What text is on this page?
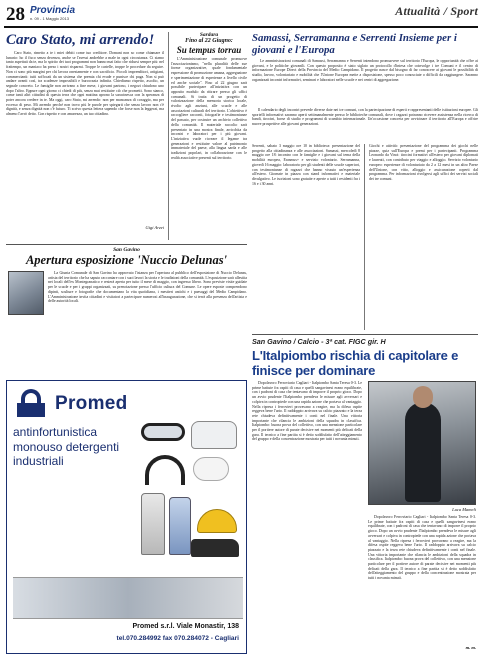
28 Provincia
n. 09 - 1 Maggio 2013
Attualità / Sport
Caro Stato, mi arrendo!
Caro Stato, rimetto a te i miei debiti come tuo creditore. Domani non so come chiamare il lunario: ho il fisco senza decenza, anche se l'avessi andrebbe a male in ogni circostanza. Ci siamo tanto aspettati da te, ma lo spirito dei tuoi programmi non hanno mai fatto che ridursi sempre più: nel frattempo, un maniaco ha preso i nostri risparmi. Troppe le cartelle, troppe le procedure da seguire. Non ci sono più margini per chi lavora onestamente e con sacrificio. Piccoli imprenditori, artigiani, commercianti: tutti soffocati da un sistema che premia chi evade e punisce chi paga. Non si può andare avanti così, tra scadenze impossibili e burocrazia infinita. Chiediamo rispetto, ascolto, un segnale concreto. Le famiglie non arrivano a fine mese, i giovani partono, i negozi chiudono uno dopo l'altro. Eppure ogni giorno ci chiedi di più, senza mai restituire ciò che prometti. Sono stanco, come tanti altri cittadini di questa terra che ogni mattina aprono la saracinesca con la speranza di poter ancora credere in te. Ma oggi, caro Stato, mi arrendo: non per mancanza di coraggio, ma per eccesso di peso. Mi arrendo perché non trovo più le parole per spiegarti che senza lavoro non c'è dignità, e senza dignità non c'è futuro. Ti scrivo questa lettera sapendo che forse non la leggerai, ma almeno l'avrò detto. Con rispetto e con amarezza, un tuo cittadino.
Gigi Arzei
Sardara
Fino al 22 Giugno:
Su tempus torrau
L'Amministrazione comunale promuove l'associazionismo, "nella pluralità delle sue forme organizzative, quale fondamentale espressione di promozione umana, aggregazione e sperimentazione di esperienze a livello civile ed anche sociale". Fino al 22 giugno sarà possibile partecipare all'iniziativa con un apposito modulo da ritirare presso gli uffici comunali. Si tratta di un progetto di valorizzazione della memoria storica locale, rivolto agli anziani, alle scuole e alle associazioni culturali del territorio. L'obiettivo è raccogliere racconti, fotografie e testimonianze del passato, per costruire un archivio collettivo della comunità. Il materiale raccolto sarà presentato in una mostra finale, arricchita da incontri e laboratori per i più giovani. L'iniziativa vuole ricreare il legame tra generazioni e restituire valore al patrimonio immateriale del paese, alla lingua sarda e alle tradizioni popolari, in collaborazione con le realtà associative presenti sul territorio.
Samassi, Serramanna e Serrenti Insieme per i giovani e l'Europa
Le amministrazioni comunali di Samassi, Serramanna e Serrenti intendono promuovere sul territorio l'Europa, le opportunità che offre ai giovani, e le politiche giovanili. Con questo proposito è stato siglato un protocollo d'intesa che coinvolge i tre Comuni e il centro di informazione Europe Direct della Provincia del Medio Campidano. Il progetto nasce dal bisogno di far conoscere ai giovani le possibilità di studio, lavoro, volontariato e mobilità che l'Unione Europea mette a disposizione, spesso poco conosciute o difficili da raggiungere. Saranno organizzati incontri informativi, seminari e laboratori nelle scuole e nei centri di aggregazione.
Il calendario degli incontri prevede diverse date nei tre comuni, con la partecipazione di esperti e rappresentanti delle istituzioni europee. Gli sportelli informativi saranno aperti settimanalmente presso le biblioteche comunali, dove i ragazzi potranno ricevere assistenza nella ricerca di bandi, tirocini, borse di studio e programmi di scambio internazionale. Un'occasione concreta per avvicinare il territorio all'Europa e offrire nuove prospettive alle giovani generazioni.
Serrenti, sabato 3 maggio ore 10 in biblioteca: presentazione del progetto alla cittadinanza e alle associazioni. Samassi, mercoledì 8 maggio ore 18: incontro con le famiglie e i giovani sul tema della mobilità europea, Erasmus+ e servizio volontario. Serramanna, giovedì 16 maggio: laboratorio per gli studenti delle scuole superiori, con testimonianze di ragazzi che hanno vissuto un'esperienza all'estero. Giornate in piazza con stand informativi e materiale divulgativo. Le iscrizioni sono gratuite e aperte a tutti i residenti fra i 16 e i 30 anni.
Giochi e attività: presentazione del programma dei giochi nelle piazze, quiz sull'Europa e premi per i partecipanti. Programma Leonardo da Vinci: tirocini formativi all'estero per giovani diplomati e laureati, con contributo per viaggio e alloggio. Servizio volontario europeo: esperienze di volontariato da 2 a 12 mesi in un altro Paese dell'Unione, con vitto, alloggio e assicurazione coperti dal programma. Per informazioni rivolgersi agli uffici dei servizi sociali dei tre comuni.
San Gavino
Apertura esposizione 'Nuccio Delunas'
La Giunta Comunale di San Gavino ha approvato l'istanza per l'apertura al pubblico dell'esposizione di Nuccio Delunas, artista del territorio che ha saputo raccontare con i suoi lavori la storia e le tradizioni della comunità. L'esposizione sarà allestita nei locali dell'ex Montegranatico e resterà aperta per tutto il mese di maggio, con ingresso libero. Sono previste visite guidate per le scuole e per i gruppi organizzati, su prenotazione presso l'ufficio cultura del Comune. Le opere esposte comprendono dipinti, sculture e fotografie che documentano la vita quotidiana, i mestieri antichi e i paesaggi del Medio Campidano. L'Amministrazione invita cittadini e visitatori a partecipare numerosi all'inaugurazione, che si terrà alla presenza dell'artista e delle autorità locali.
Promed
antinfortunistica monouso detergenti industriali
Promed s.r.l. Viale Monastir, 138
tel.070.284992 fax 070.284072 - Cagliari
San Gavino / Calcio - 3ª cat. FIGC gir. H
L'Italpiombo rischia di capitolare e finisce per dominare
Dopolavoro Ferroviario Cagliari - Italpiombo Santa Teresa 0-3. Le prime battute fra ospiti di casa e quelli sangavinesi erano equilibrate, con i padroni di casa che tentavano di imporre il proprio gioco. Dopo un avvio prudente l'Italpiombo prendeva le misure agli avversari e colpiva in contropiede con una rapida azione che portava al vantaggio. Nella ripresa i ferrovieri provavano a reagire, ma la difesa ospite reggeva bene l'urto. Il raddoppio arrivava su calcio piazzato e la terza rete chiudeva definitivamente i conti nel finale. Una vittoria importante che rilancia le ambizioni della squadra in classifica. Italpiombo: buona prova del collettivo, con una menzione particolare per il portiere autore di parate decisive nei momenti più delicati della gara. Il tecnico a fine partita si è detto soddisfatto dell'atteggiamento del gruppo e della concentrazione mostrata per tutti i novanta minuti.
Luca Mameli
Dopolavoro Ferroviario Cagliari - Italpiombo Santa Teresa 0-3. Le prime battute fra ospiti di casa e quelli sangavinesi erano equilibrate, con i padroni di casa che tentavano di imporre il proprio gioco. Dopo un avvio prudente l'Italpiombo prendeva le misure agli avversari e colpiva in contropiede con una rapida azione che portava al vantaggio. Nella ripresa i ferrovieri provavano a reagire, ma la difesa ospite reggeva bene l'urto. Il raddoppio arrivava su calcio piazzato e la terza rete chiudeva definitivamente i conti nel finale. Una vittoria importante che rilancia le ambizioni della squadra in classifica. Italpiombo: buona prova del collettivo, con una menzione particolare per il portiere autore di parate decisive nei momenti più delicati della gara. Il tecnico a fine partita si è detto soddisfatto dell'atteggiamento del gruppo e della concentrazione mostrata per tutti i novanta minuti.
m. m.
